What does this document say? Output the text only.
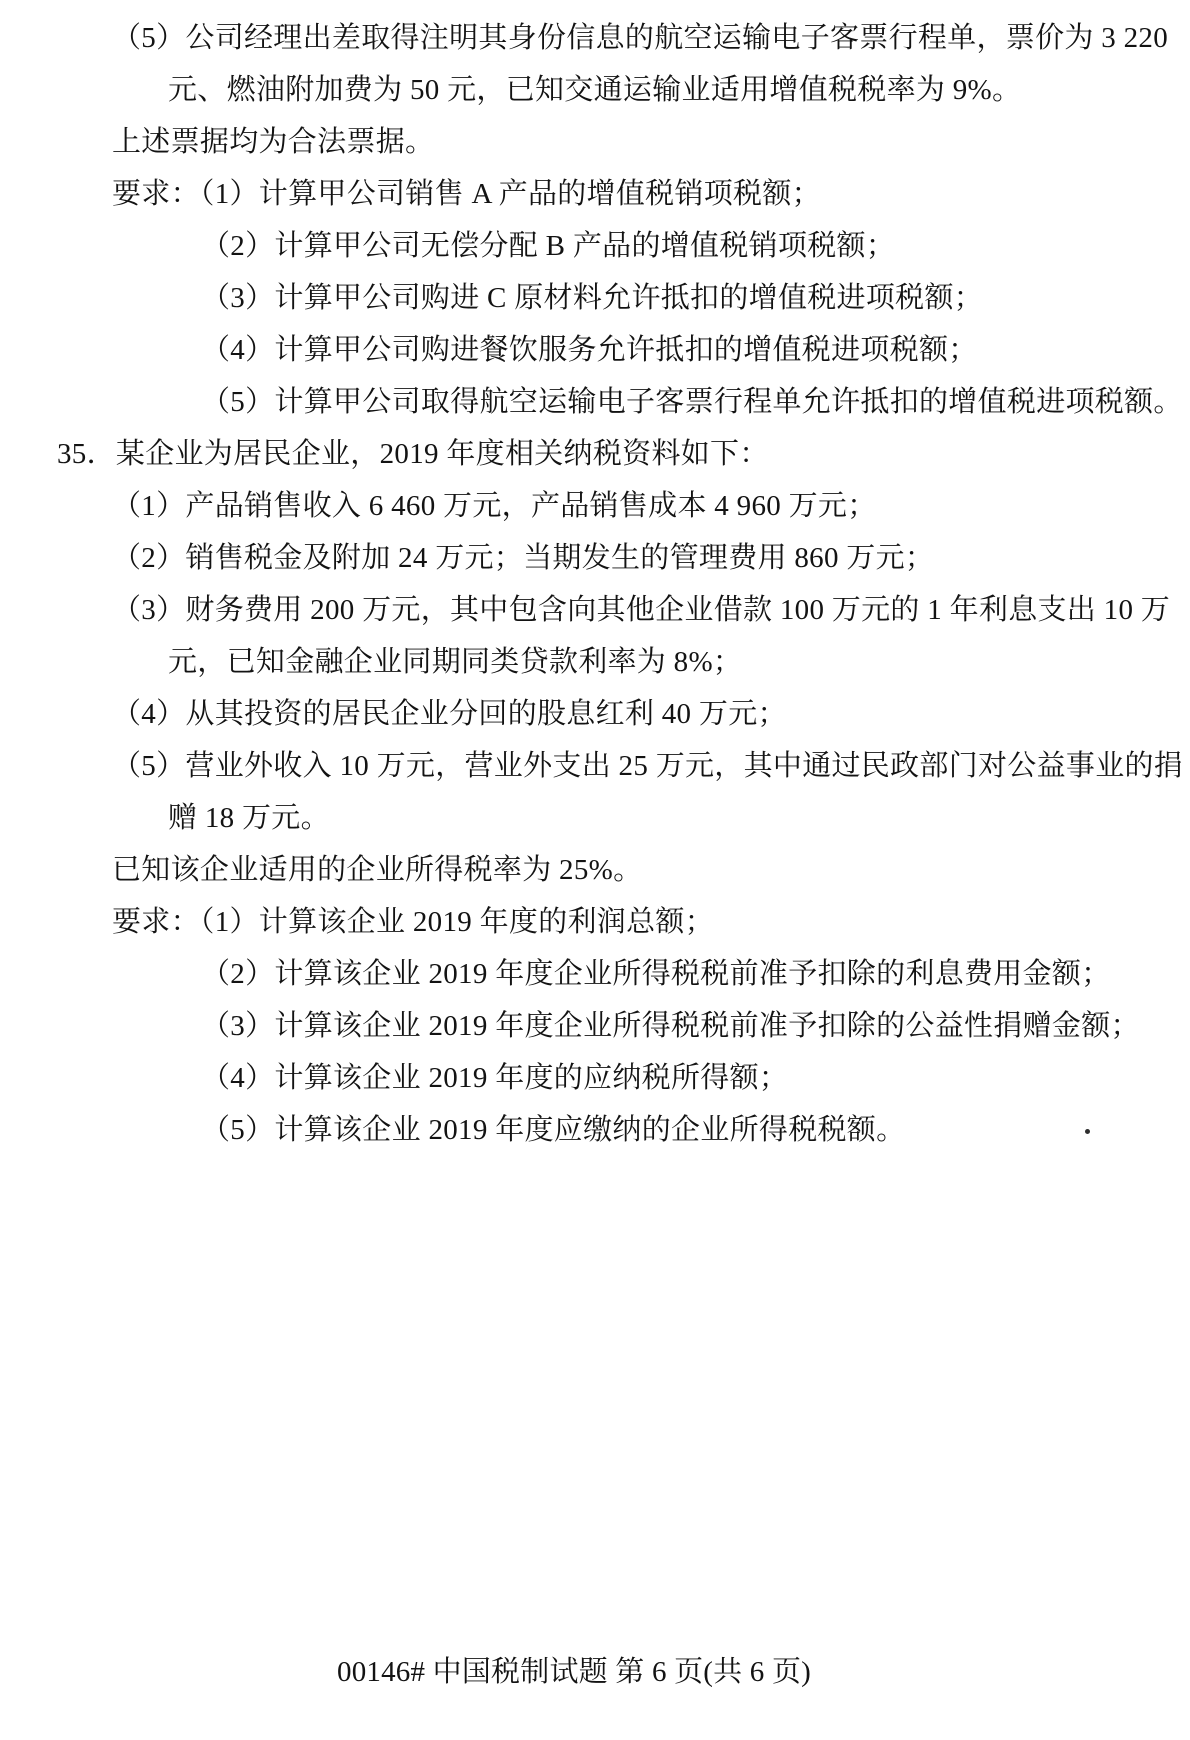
（5）公司经理出差取得注明其身份信息的航空运输电子客票行程单，票价为 3 220
元、燃油附加费为 50 元，已知交通运输业适用增值税税率为 9%。
上述票据均为合法票据。
要求：（1）计算甲公司销售 A 产品的增值税销项税额；
（2）计算甲公司无偿分配 B 产品的增值税销项税额；
（3）计算甲公司购进 C 原材料允许抵扣的增值税进项税额；
（4）计算甲公司购进餐饮服务允许抵扣的增值税进项税额；
（5）计算甲公司取得航空运输电子客票行程单允许抵扣的增值税进项税额。
35．某企业为居民企业，2019 年度相关纳税资料如下：
（1）产品销售收入 6 460 万元，产品销售成本 4 960 万元；
（2）销售税金及附加 24 万元；当期发生的管理费用 860 万元；
（3）财务费用 200 万元，其中包含向其他企业借款 100 万元的 1 年利息支出 10 万
元，已知金融企业同期同类贷款利率为 8%；
（4）从其投资的居民企业分回的股息红利 40 万元；
（5）营业外收入 10 万元，营业外支出 25 万元，其中通过民政部门对公益事业的捐
赠 18 万元。
已知该企业适用的企业所得税率为 25%。
要求：（1）计算该企业 2019 年度的利润总额；
（2）计算该企业 2019 年度企业所得税税前准予扣除的利息费用金额；
（3）计算该企业 2019 年度企业所得税税前准予扣除的公益性捐赠金额；
（4）计算该企业 2019 年度的应纳税所得额；
（5）计算该企业 2019 年度应缴纳的企业所得税税额。
00146# 中国税制试题 第 6 页(共 6 页)
